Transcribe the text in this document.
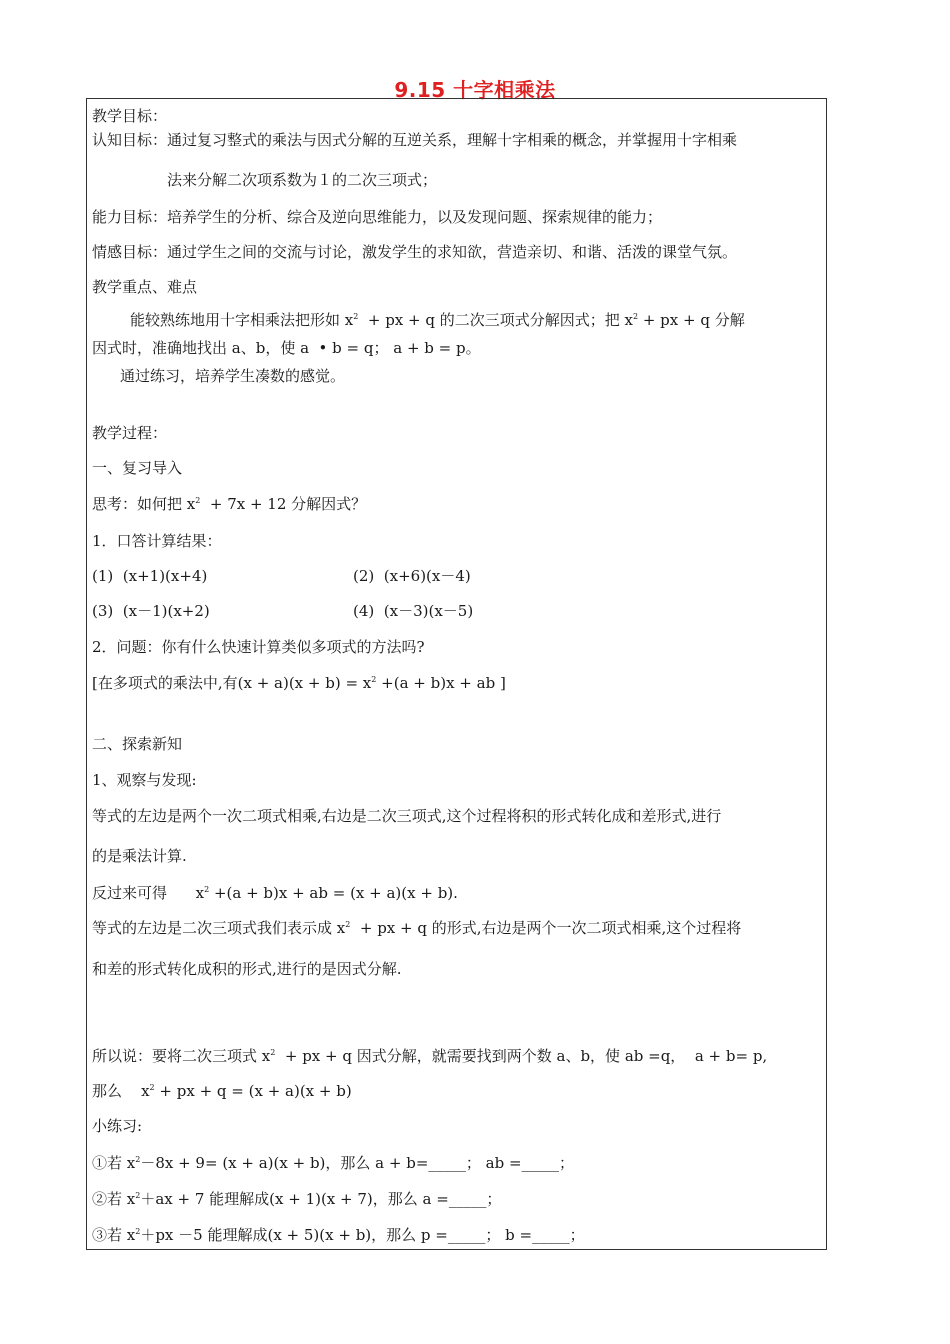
9.15 十字相乘法
教学目标：
认知目标：通过复习整式的乘法与因式分解的互逆关系，理解十字相乘的概念，并掌握用十字相乘
法来分解二次项系数为１的二次三项式；
能力目标：培养学生的分析、综合及逆向思维能力，以及发现问题、探索规律的能力；
情感目标：通过学生之间的交流与讨论，激发学生的求知欲，营造亲切、和谐、活泼的课堂气氛。
教学重点、难点
能较熟练地用十字相乘法把形如 $x^2$  + px + q 的二次三项式分解因式；把 $x^2$ + px + q 分解
因式时，准确地找出 a、b，使 a  • b = q； a + b = p。
通过练习，培养学生凑数的感觉。
教学过程：
一、复习导入
思考：如何把 $x^2 + 7x + 12$ 分解因式？
1．口答计算结果：
(1)  (x+1)(x+4)	(2)  (x+6)(x－4)
(3)  (x－1)(x+2)	(4)  (x－3)(x－5)
2．问题：你有什么快速计算类似多项式的方法吗?
[在多项式的乘法中,有$(x + a)(x + b) = x^2 +(a + b)x$ + ab ]
二、探索新知
1、观察与发现:
等式的左边是两个一次二项式相乘,右边是二次三项式,这个过程将积的形式转化成和差形式,进行
的是乘法计算.
反过来可得      $x^2 +(a + b)x$ + ab = (x + a)(x + b).
等式的左边是二次三项式我们表示成 $x^2$  + px + q 的形式,右边是两个一次二项式相乘,这个过程将
和差的形式转化成积的形式,进行的是因式分解.
所以说：要将二次三项式 $x^2$  + px + q 因式分解，就需要找到两个数 a、b，使 ab =q，  a + b= p,
那么    $x^2$ + px + q = (x + a)(x + b)
小练习:
①若 $x^2-8x + 9= (x + a)(x + b)$，那么 a + b=_____； ab =_____；
②若 $x^2+ax + 7$ 能理解成(x + 1)(x + 7)，那么 a =_____；
③若 $x^2+px -5$ 能理解成(x + 5)(x + b)，那么 p =_____； b =_____；
